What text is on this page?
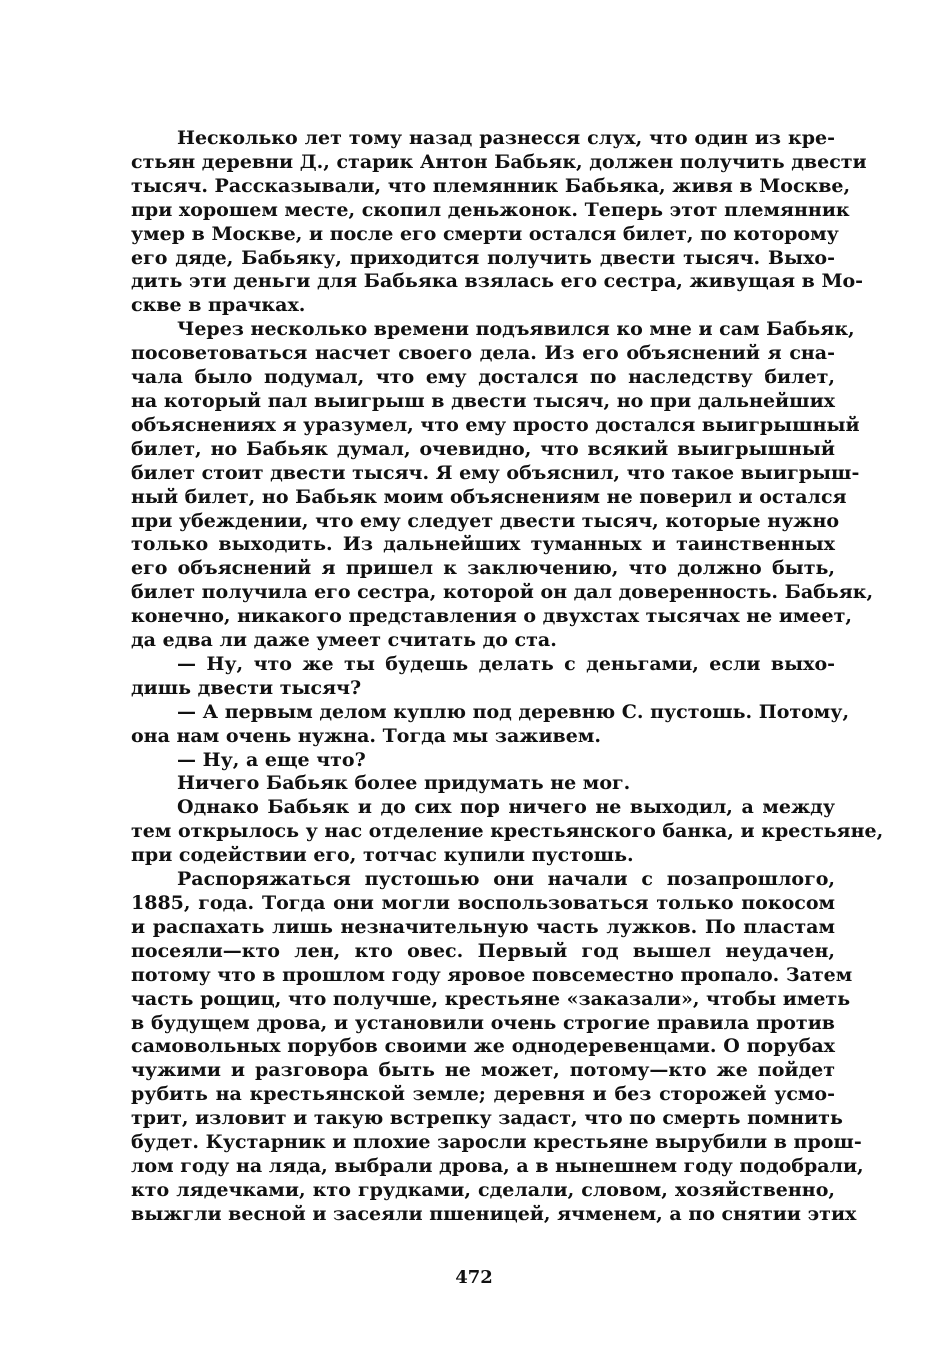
Несколько лет тому назад разнесся слух, что один из кре-
стьян деревни Д., старик Антон Бабьяк, должен получить двести
тысяч. Рассказывали, что племянник Бабьяка, живя в Москве,
при хорошем месте, скопил деньжонок. Теперь этот племянник
умер в Москве, и после его смерти остался билет, по которому
его дяде, Бабьяку, приходится получить двести тысяч. Выхо-
дить эти деньги для Бабьяка взялась его сестра, живущая в Мо-
скве в прачках.
Через несколько времени подъявился ко мне и сам Бабьяк,
посоветоваться насчет своего дела. Из его объяснений я сна-
чала было подумал, что ему достался по наследству билет,
на который пал выигрыш в двести тысяч, но при дальнейших
объяснениях я уразумел, что ему просто достался выигрышный
билет, но Бабьяк думал, очевидно, что всякий выигрышный
билет стоит двести тысяч. Я ему объяснил, что такое выигрыш-
ный билет, но Бабьяк моим объяснениям не поверил и остался
при убеждении, что ему следует двести тысяч, которые нужно
только выходить. Из дальнейших туманных и таинственных
его объяснений я пришел к заключению, что должно быть,
билет получила его сестра, которой он дал доверенность. Бабьяк,
конечно, никакого представления о двухстах тысячах не имеет,
да едва ли даже умеет считать до ста.
— Ну, что же ты будешь делать с деньгами, если выхо-
дишь двести тысяч?
— А первым делом куплю под деревню С. пустошь. Потому,
она нам очень нужна. Тогда мы заживем.
— Ну, а еще что?
Ничего Бабьяк более придумать не мог.
Однако Бабьяк и до сих пор ничего не выходил, а между
тем открылось у нас отделение крестьянского банка, и крестьяне,
при содействии его, тотчас купили пустошь.
Распоряжаться пустошью они начали с позапрошлого,
1885, года. Тогда они могли воспользоваться только покосом
и распахать лишь незначительную часть лужков. По пластам
посеяли—кто лен, кто овес. Первый год вышел неудачен,
потому что в прошлом году яровое повсеместно пропало. Затем
часть рощиц, что получше, крестьяне «заказали», чтобы иметь
в будущем дрова, и установили очень строгие правила против
самовольных порубов своими же однодеревенцами. О порубах
чужими и разговора быть не может, потому—кто же пойдет
рубить на крестьянской земле; деревня и без сторожей усмо-
трит, изловит и такую встрепку задаст, что по смерть помнить
будет. Кустарник и плохие заросли крестьяне вырубили в прош-
лом году на ляда, выбрали дрова, а в нынешнем году подобрали,
кто лядечками, кто грудками, сделали, словом, хозяйственно,
выжгли весной и засеяли пшеницей, ячменем, а по снятии этих
472
